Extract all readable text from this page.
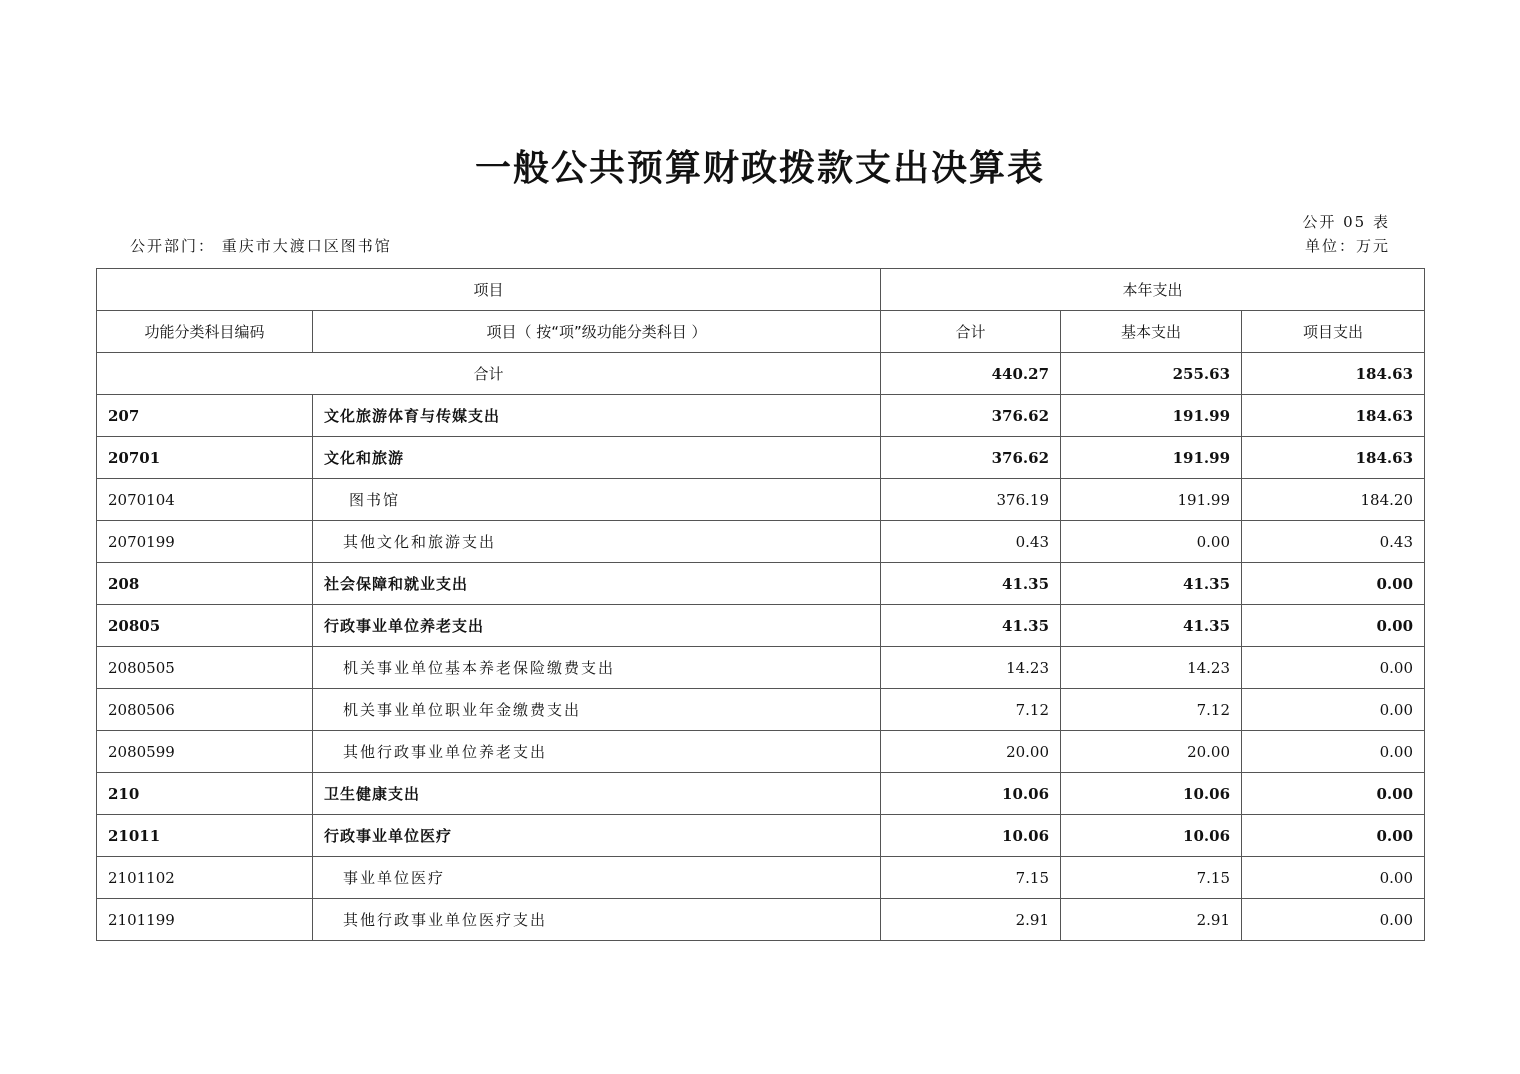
一般公共预算财政拨款支出决算表
公开 05 表
公开部门： 重庆市大渡口区图书馆	单位：万元
项目		本年支出		
功能分类科目编码	项目（ 按“项”级功能分类科目 ）	合计	基本支出	项目支出
合计		440.27	255.63	184.63
207	文化旅游体育与传媒支出	376.62	191.99	184.63
20701	文化和旅游	376.62	191.99	184.63
2070104	图书馆	376.19	191.99	184.20
2070199	其他文化和旅游支出	0.43	0.00	0.43
208	社会保障和就业支出	41.35	41.35	0.00
20805	行政事业单位养老支出	41.35	41.35	0.00
2080505	机关事业单位基本养老保险缴费支出	14.23	14.23	0.00
2080506	机关事业单位职业年金缴费支出	7.12	7.12	0.00
2080599	其他行政事业单位养老支出	20.00	20.00	0.00
210	卫生健康支出	10.06	10.06	0.00
21011	行政事业单位医疗	10.06	10.06	0.00
2101102	事业单位医疗	7.15	7.15	0.00
2101199	其他行政事业单位医疗支出	2.91	2.91	0.00
